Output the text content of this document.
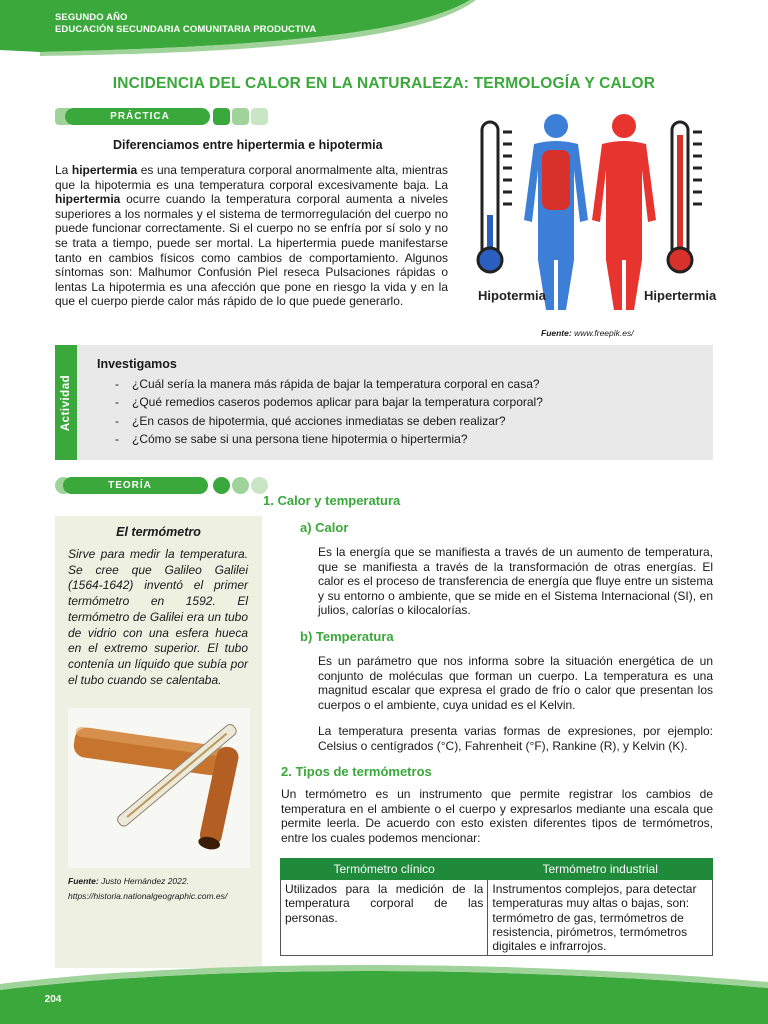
SEGUNDO AÑO
EDUCACIÓN SECUNDARIA COMUNITARIA PRODUCTIVA
INCIDENCIA DEL CALOR EN LA NATURALEZA: TERMOLOGÍA Y CALOR
PRÁCTICA
Diferenciamos entre hipertermia e hipotermia
La hipertermia es una temperatura corporal anormalmente alta, mientras que la hipotermia es una temperatura corporal excesivamente baja. La hipertermia ocurre cuando la temperatura corporal aumenta a niveles superiores a los normales y el sistema de termorregulación del cuerpo no puede funcionar correctamente. Si el cuerpo no se enfría por sí solo y no se trata a tiempo, puede ser mortal. La hipertermia puede manifestarse tanto en cambios físicos como cambios de comportamiento. Algunos síntomas son: Malhumor Confusión Piel reseca Pulsaciones rápidas o lentas La hipotermia es una afección que pone en riesgo la vida y en la que el cuerpo pierde calor más rápido de lo que puede generarlo.	Hipotermia	Hipertermia
Fuente: www.freepik.es/
Actividad
Investigamos
- ¿Cuál sería la manera más rápida de bajar la temperatura corporal en casa?
- ¿Qué remedios caseros podemos aplicar para bajar la temperatura corporal?
- ¿En casos de hipotermia, qué acciones inmediatas se deben realizar?
- ¿Cómo se sabe si una persona tiene hipotermia o hipertermia?
TEORÍA
El termómetro
Sirve para medir la temperatura. Se cree que Galileo Galilei (1564-1642) inventó el primer termómetro en 1592. El termómetro de Galilei era un tubo de vidrio con una esfera hueca en el extremo superior. El tubo contenía un líquido que subía por el tubo cuando se calentaba.
Fuente: Justo Hernández 2022. https://historia.nationalgeographic.com.es/
1. Calor y temperatura
a) Calor
Es la energía que se manifiesta a través de un aumento de temperatura, que se manifiesta a través de la transformación de otras energías. El calor es el proceso de transferencia de energía que fluye entre un sistema y su entorno o ambiente, que se mide en el Sistema Internacional (SI), en julios, calorías o kilocalorías.
b) Temperatura
Es un parámetro que nos informa sobre la situación energética de un conjunto de moléculas que forman un cuerpo. La temperatura es una magnitud escalar que expresa el grado de frío o calor que presentan los cuerpos o el ambiente, cuya unidad es el Kelvin.
La temperatura presenta varias formas de expresiones, por ejemplo: Celsius o centígrados (°C), Fahrenheit (°F), Rankine (R), y Kelvin (K).
2. Tipos de termómetros
Un termómetro es un instrumento que permite registrar los cambios de temperatura en el ambiente o el cuerpo y expresarlos mediante una escala que permite leerla. De acuerdo con esto existen diferentes tipos de termómetros, entre los cuales podemos mencionar:
Termómetro clínico	Termómetro industrial
Utilizados para la medición de la temperatura corporal de las personas.	Instrumentos complejos, para detectar temperaturas muy altas o bajas, son: termómetro de gas, termómetros de resistencia, pirómetros, termómetros digitales e infrarrojos.
204
